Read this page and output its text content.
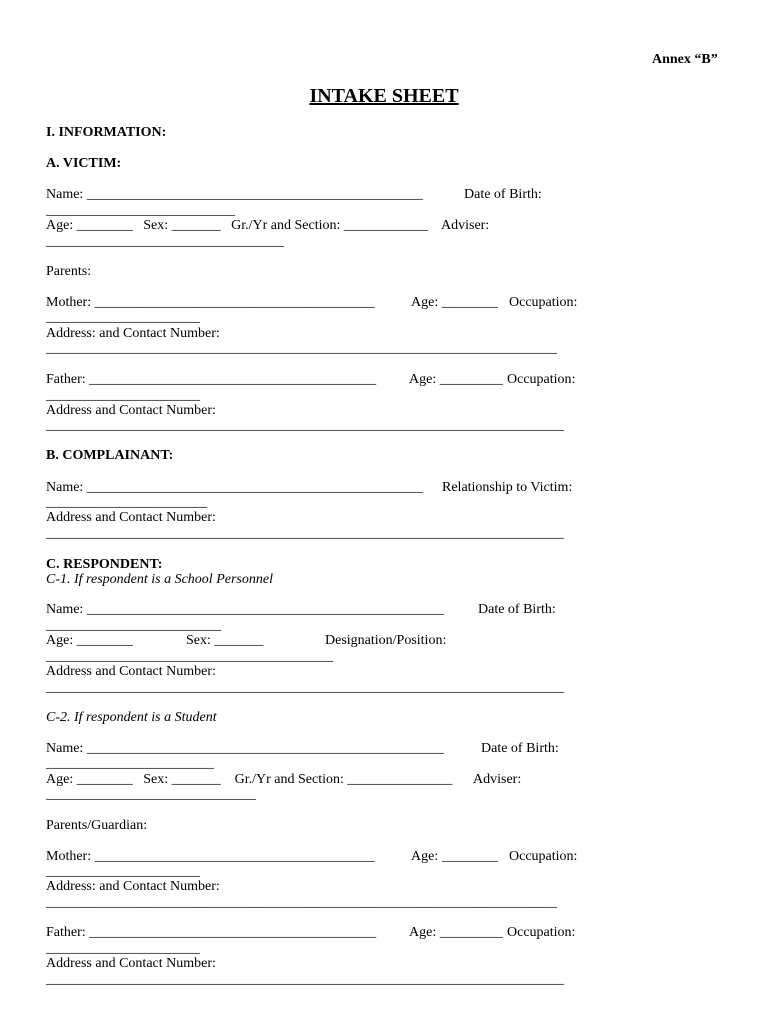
Annex “B”
INTAKE SHEET
I. INFORMATION:
A. VICTIM:
Name: ________________________________________________	Date of Birth:
___________________________
Age: ________   Sex: _______   Gr./Yr and Section: ____________ Adviser:
__________________________________
Parents:
Mother: ________________________________________	Age: ________ Occupation:
______________________
Address: and Contact Number:
_________________________________________________________________________
Father: _________________________________________ Age: _________ Occupation:
______________________
Address and Contact Number:
__________________________________________________________________________
B. COMPLAINANT:
Name: ________________________________________________ Relationship to Victim:
_______________________
Address and Contact Number:
__________________________________________________________________________
C. RESPONDENT:
C-1. If respondent is a School Personnel
Name: ___________________________________________________ Date of Birth:
_________________________
Age: ________	Sex: _______	Designation/Position:
_________________________________________
Address and Contact Number:
__________________________________________________________________________
C-2. If respondent is a Student
Name: ___________________________________________________	Date of Birth:
________________________
Age: ________   Sex: _______    Gr./Yr and Section: _______________ Adviser:
______________________________
Parents/Guardian:
Mother: ________________________________________	Age: ________ Occupation:
______________________
Address: and Contact Number:
_________________________________________________________________________
Father: _________________________________________ Age: _________ Occupation:
______________________
Address and Contact Number:
__________________________________________________________________________
